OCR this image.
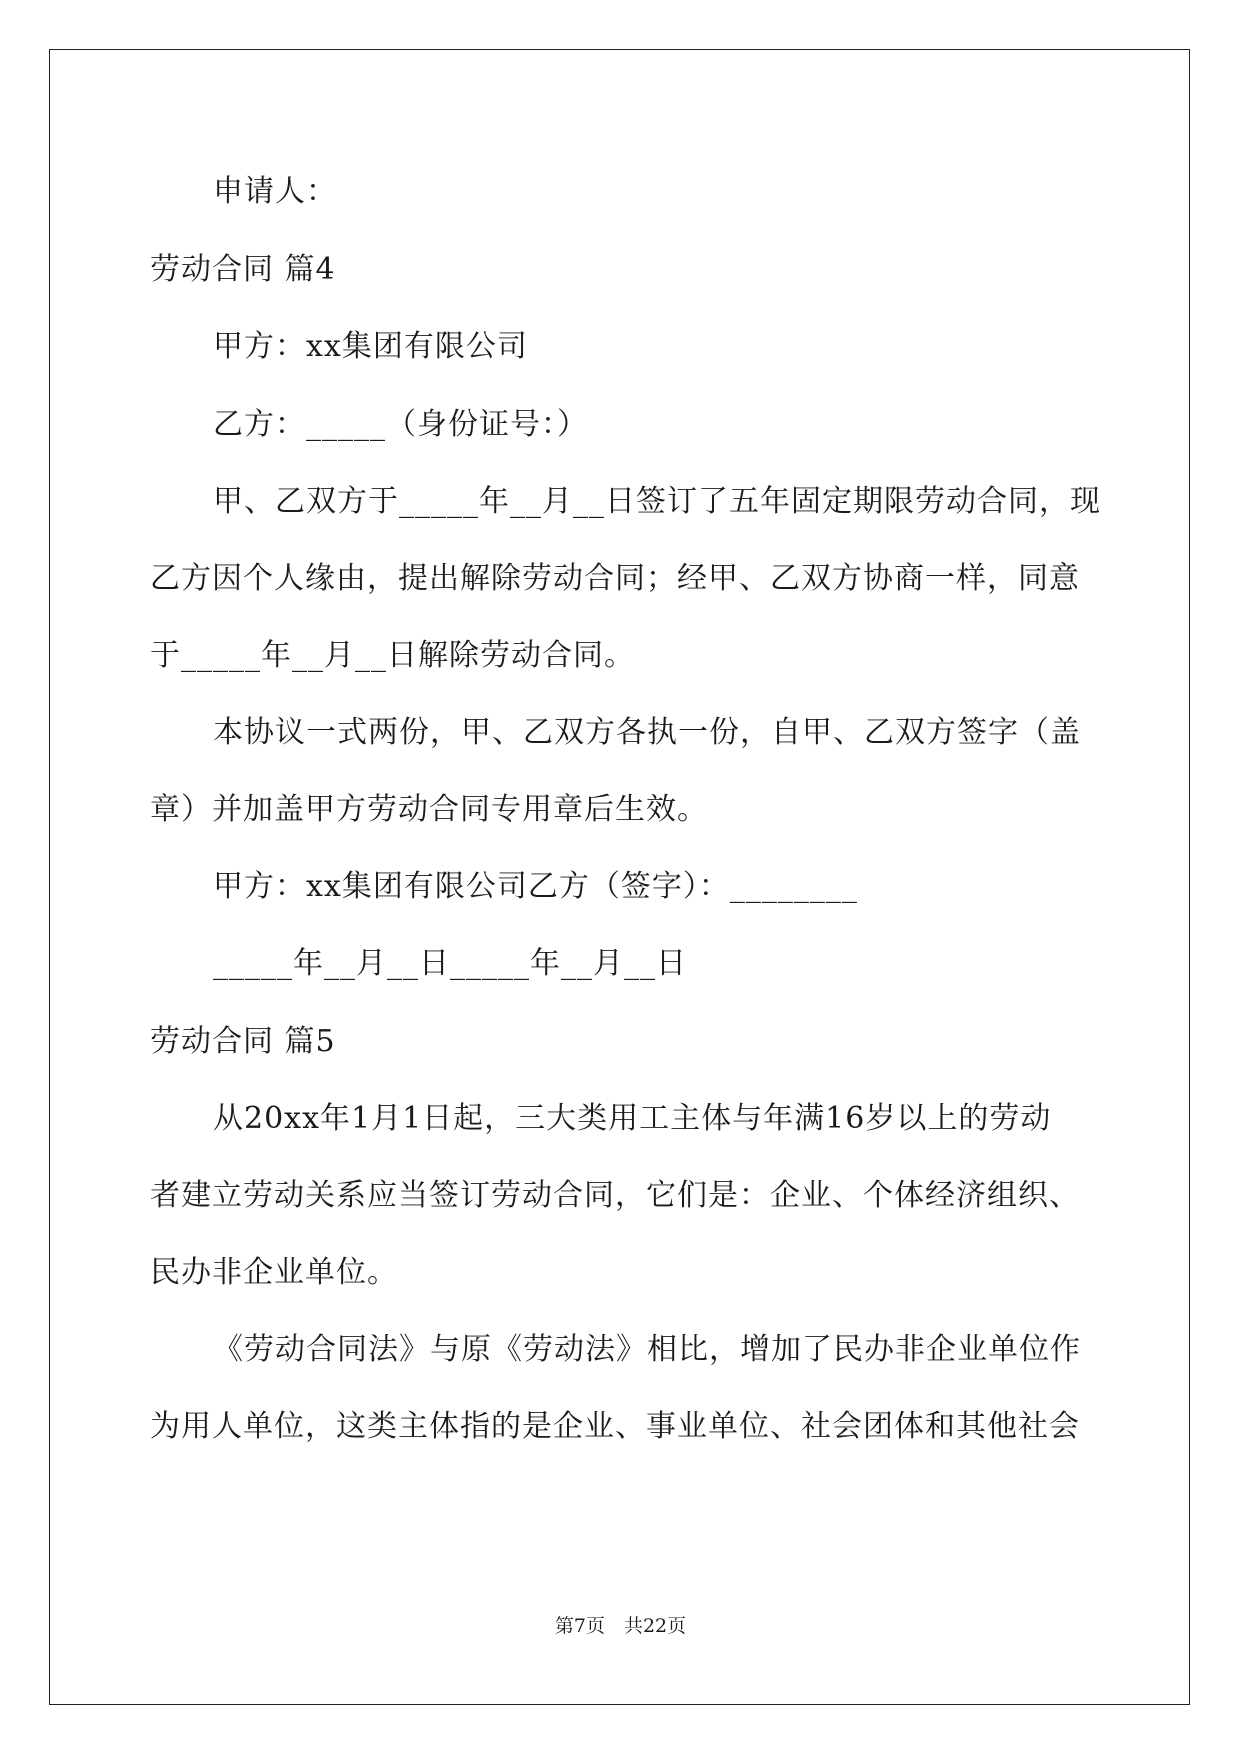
申请人：
劳动合同 篇4
甲方：xx集团有限公司
乙方：_____（身份证号：）
甲、乙双方于_____年__月__日签订了五年固定期限劳动合同，现
乙方因个人缘由，提出解除劳动合同；经甲、乙双方协商一样，同意
于_____年__月__日解除劳动合同。
本协议一式两份，甲、乙双方各执一份，自甲、乙双方签字（盖
章）并加盖甲方劳动合同专用章后生效。
甲方：xx集团有限公司乙方（签字）：________
_____年__月__日_____年__月__日
劳动合同 篇5
从20xx年1月1日起，三大类用工主体与年满16岁以上的劳动
者建立劳动关系应当签订劳动合同，它们是：企业、个体经济组织、
民办非企业单位。
《劳动合同法》与原《劳动法》相比，增加了民办非企业单位作
为用人单位，这类主体指的是企业、事业单位、社会团体和其他社会
第7页　共22页
